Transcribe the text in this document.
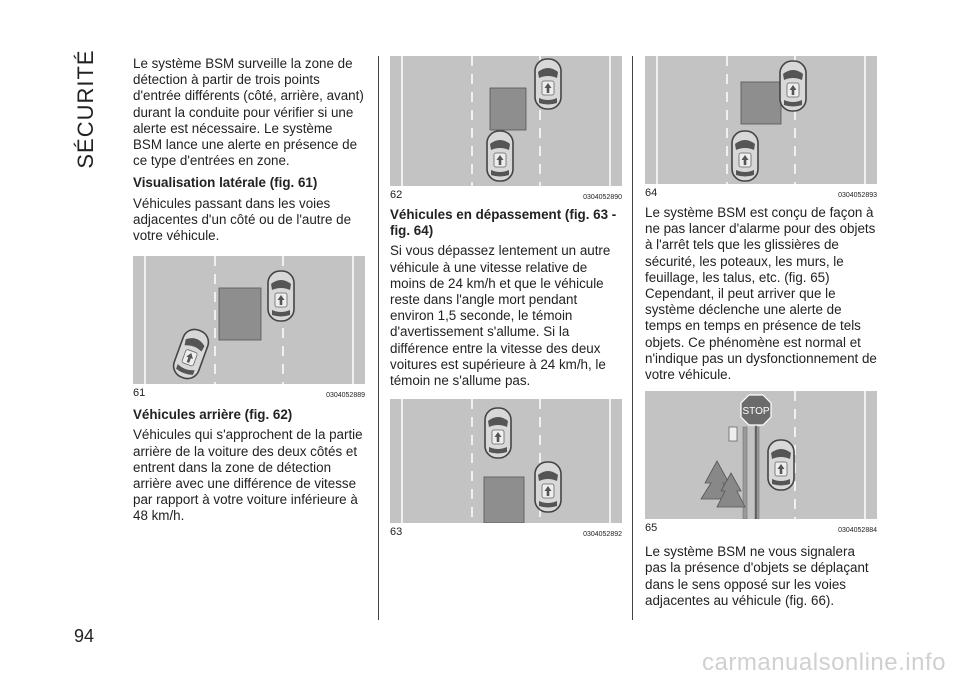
SÉCURITÉ
94
carmanualsonline.info

Le système BSM surveille la zone de détection à partir de trois points d'entrée différents (côté, arrière, avant) durant la conduite pour vérifier si une alerte est nécessaire. Le système BSM lance une alerte en présence de ce type d'entrées en zone.

Visualisation latérale (fig. 61)

Véhicules passant dans les voies adjacentes d'un côté ou de l'autre de votre véhicule.

61	0304052889

Véhicules arrière (fig. 62)

Véhicules qui s'approchent de la partie arrière de la voiture des deux côtés et entrent dans la zone de détection arrière avec une différence de vitesse par rapport à votre voiture inférieure à 48 km/h.

62	0304052890

Véhicules en dépassement (fig. 63 - fig. 64)

Si vous dépassez lentement un autre véhicule à une vitesse relative de moins de 24 km/h et que le véhicule reste dans l'angle mort pendant environ 1,5 seconde, le témoin d'avertissement s'allume. Si la différence entre la vitesse des deux voitures est supérieure à 24 km/h, le témoin ne s'allume pas.

63	0304052892
64	0304052893

Le système BSM est conçu de façon à ne pas lancer d'alarme pour des objets à l'arrêt tels que les glissières de sécurité, les poteaux, les murs, le feuillage, les talus, etc. (fig. 65) Cependant, il peut arriver que le système déclenche une alerte de temps en temps en présence de tels objets. Ce phénomène est normal et n'indique pas un dysfonctionnement de votre véhicule.

STOP
65	0304052884

Le système BSM ne vous signalera pas la présence d'objets se déplaçant dans le sens opposé sur les voies adjacentes au véhicule (fig. 66).
